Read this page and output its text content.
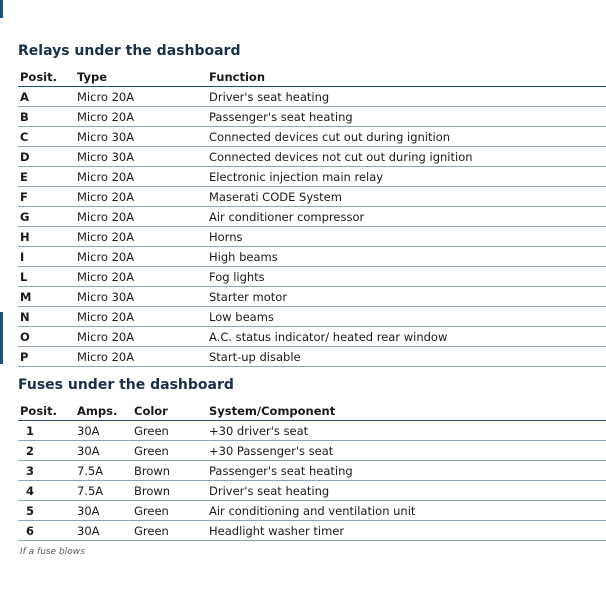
Relays under the dashboard
Posit.	Type	Function
A	Micro 20A	Driver's seat heating
B	Micro 20A	Passenger's seat heating
C	Micro 30A	Connected devices cut out during ignition
D	Micro 30A	Connected devices not cut out during ignition
E	Micro 20A	Electronic injection main relay
F	Micro 20A	Maserati CODE System
G	Micro 20A	Air conditioner compressor
H	Micro 20A	Horns
I	Micro 20A	High beams
L	Micro 20A	Fog lights
M	Micro 30A	Starter motor
N	Micro 20A	Low beams
O	Micro 20A	A.C. status indicator/ heated rear window
P	Micro 20A	Start-up disable
Fuses under the dashboard
Posit.	Amps.	Color	System/Component
1	30A	Green	+30 driver's seat
2	30A	Green	+30 Passenger's seat
3	7.5A	Brown	Passenger's seat heating
4	7.5A	Brown	Driver's seat heating
5	30A	Green	Air conditioning and ventilation unit
6	30A	Green	Headlight washer timer
If a fuse blows
